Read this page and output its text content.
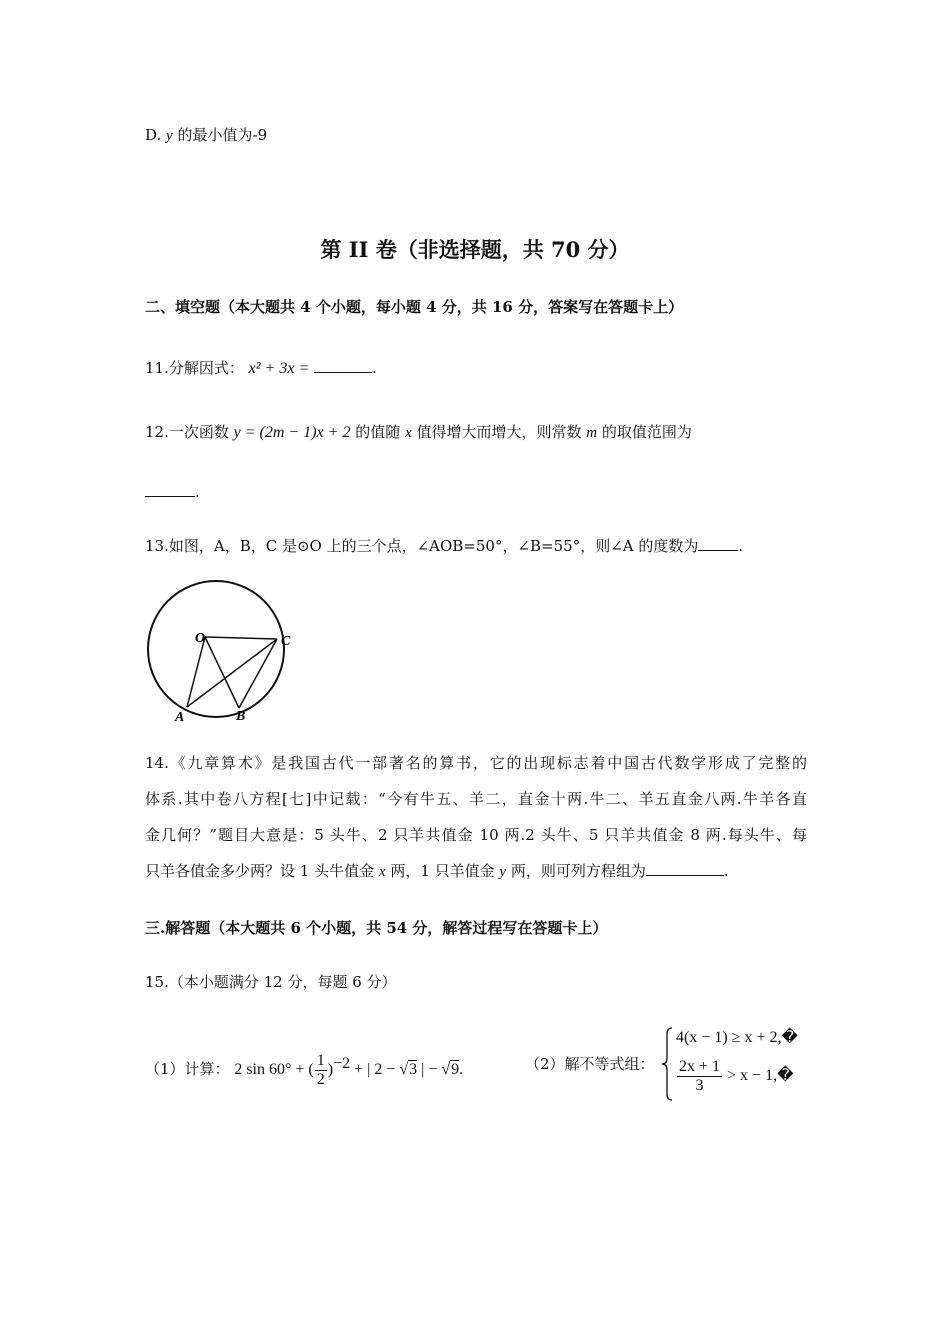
D. y 的最小值为-9
第 II 卷（非选择题，共 70 分）
二、填空题（本大题共 4 个小题，每小题 4 分，共 16 分，答案写在答题卡上）
11.分解因式： x² + 3x =	.
12.一次函数 y = (2m − 1)x + 2 的值随 x 值得增大而增大，则常数 m 的取值范围为
.
13.如图，A，B，C 是⊙O 上的三个点，∠AOB=50°，∠B=55°，则∠A 的度数为	.
O	C
A	B
14.《九章算术》是我国古代一部著名的算书，它的出现标志着中国古代数学形成了完整的
体系.其中卷八方程[七]中记载：“今有牛五、羊二，直金十两.牛二、羊五直金八两.牛羊各直
金几何？”题目大意是：5 头牛、2 只羊共值金 10 两.2 头牛、5 只羊共值金 8 两.每头牛、每
只羊各值金多少两？设 1 头牛值金 x 两，1 只羊值金 y 两，则可列方程组为	.
三.解答题（本大题共 6 个小题，共 54 分，解答过程写在答题卡上）
15.（本小题满分 12 分，每题 6 分）
（1）计算： 2 sin 60° + ( $\frac{1}{2} )^{-2}$ + | 2 − √3 | − √9.	（2）解不等式组：
4(x − 1) ≥ x + 2,�
$\frac{2x + 1}{3} > x$ − 1,�
